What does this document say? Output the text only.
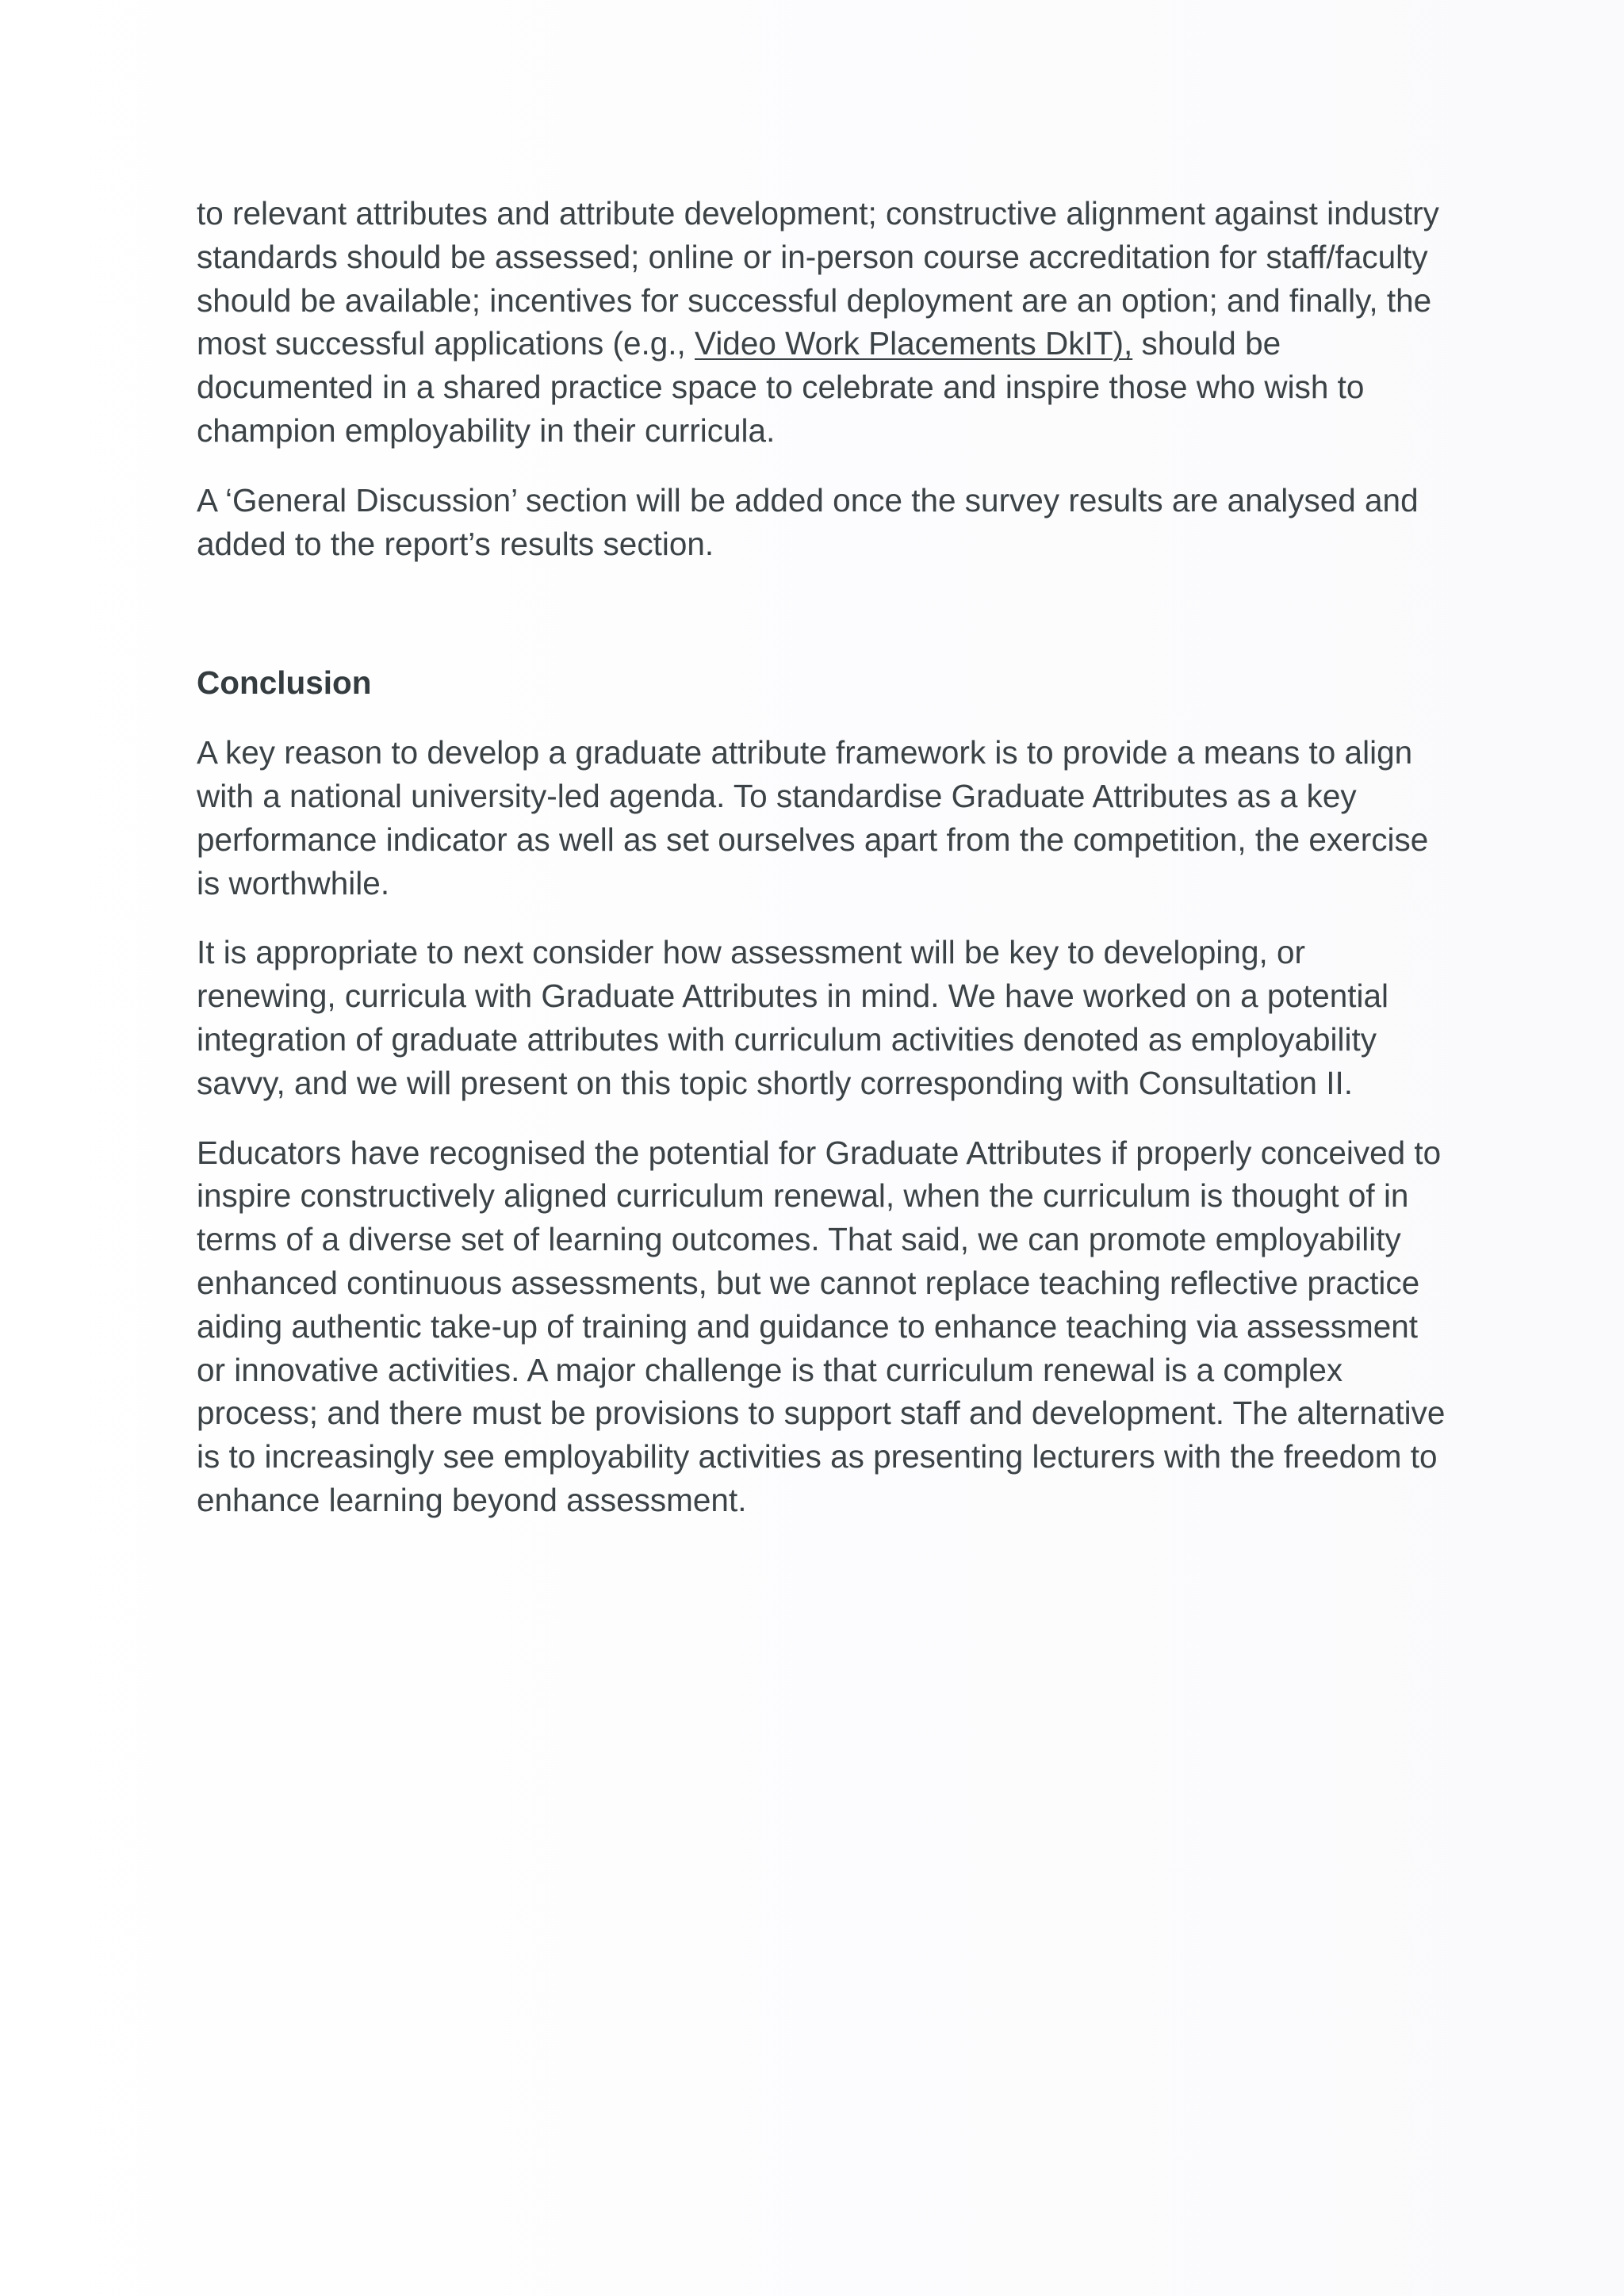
to relevant attributes and attribute development; constructive alignment against industry standards should be assessed; online or in-person course accreditation for staff/faculty should be available; incentives for successful deployment are an option; and finally, the most successful applications (e.g., Video Work Placements DkIT), should be documented in a shared practice space to celebrate and inspire those who wish to champion employability in their curricula.

A ‘General Discussion’ section will be added once the survey results are analysed and added to the report’s results section.

Conclusion

A key reason to develop a graduate attribute framework is to provide a means to align with a national university-led agenda. To standardise Graduate Attributes as a key performance indicator as well as set ourselves apart from the competition, the exercise is worthwhile.

It is appropriate to next consider how assessment will be key to developing, or renewing, curricula with Graduate Attributes in mind. We have worked on a potential integration of graduate attributes with curriculum activities denoted as employability savvy, and we will present on this topic shortly corresponding with Consultation II.

Educators have recognised the potential for Graduate Attributes if properly conceived to inspire constructively aligned curriculum renewal, when the curriculum is thought of in terms of a diverse set of learning outcomes. That said, we can promote employability enhanced continuous assessments, but we cannot replace teaching reflective practice aiding authentic take-up of training and guidance to enhance teaching via assessment or innovative activities. A major challenge is that curriculum renewal is a complex process; and there must be provisions to support staff and development. The alternative is to increasingly see employability activities as presenting lecturers with the freedom to enhance learning beyond assessment.
